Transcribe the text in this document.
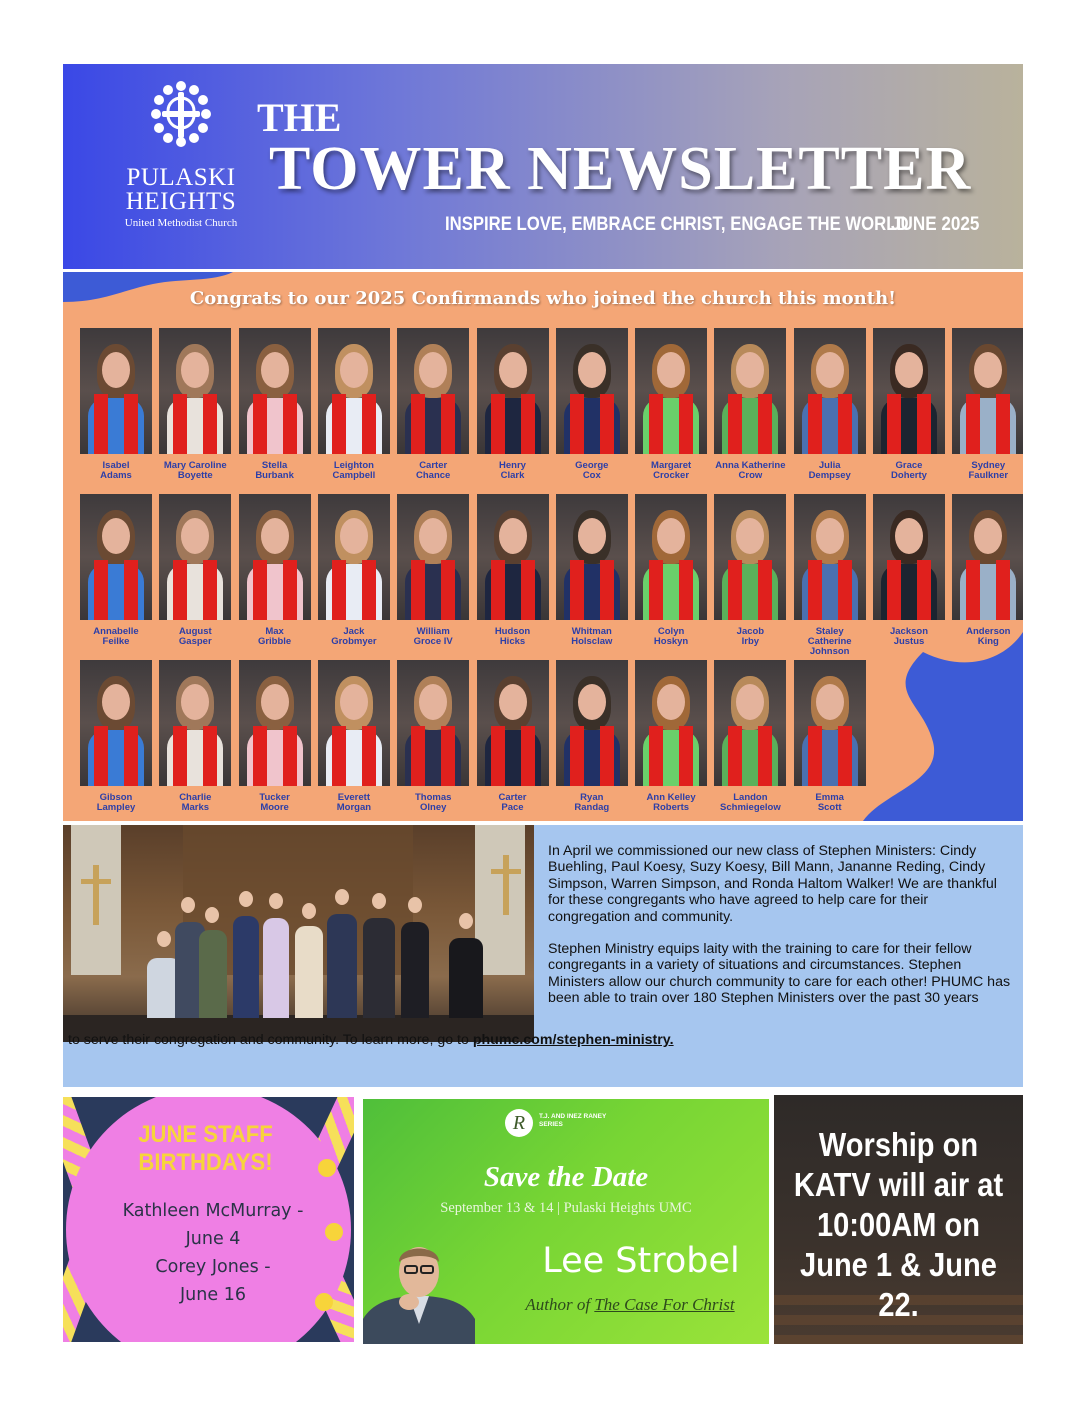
PULASKI
HEIGHTS
United Methodist Church
THE
TOWER NEWSLETTER
INSPIRE LOVE, EMBRACE CHRIST, ENGAGE THE WORLD
JUNE 2025
Congrats to our 2025 Confirmands who joined the church this month!
Isabel
Adams
Mary Caroline
Boyette
Stella
Burbank
Leighton
Campbell
Carter
Chance
Henry
Clark
George
Cox
Margaret
Crocker
Anna Katherine
Crow
Julia
Dempsey
Grace
Doherty
Sydney
Faulkner
Annabelle
Feilke
August
Gasper
Max
Gribble
Jack
Grobmyer
William
Groce IV
Hudson
Hicks
Whitman
Holsclaw
Colyn
Hoskyn
Jacob
Irby
Staley Catherine
Johnson
Jackson
Justus
Anderson
King
Gibson
Lampley
Charlie
Marks
Tucker
Moore
Everett
Morgan
Thomas
Olney
Carter
Pace
Ryan
Randag
Ann Kelley
Roberts
Landon
Schmiegelow
Emma
Scott

In April we commissioned our new class of Stephen Ministers: Cindy Buehling, Paul Koesy, Suzy Koesy, Bill Mann, Jananne Reding, Cindy Simpson, Warren Simpson, and Ronda Haltom Walker! We are thankful for these congregants who have agreed to help care for their congregation and community.

Stephen Ministry equips laity with the training to care for their fellow congregants in a variety of situations and circumstances. Stephen Ministers allow our church community to care for each other! PHUMC has been able to train over 180 Stephen Ministers over the past 30 years

to serve their congregation and community. To learn more, go to phumc.com/stephen-ministry.
JUNE STAFF BIRTHDAYS!
Kathleen McMurray -
June 4
Corey Jones -
June 16
R	T.J. AND INEZ RANEY SERIES
Save the Date
September 13 & 14 | Pulaski Heights UMC
Lee Strobel
Author of The Case For Christ
Worship on KATV will air at 10:00AM on June 1 & June 22.
